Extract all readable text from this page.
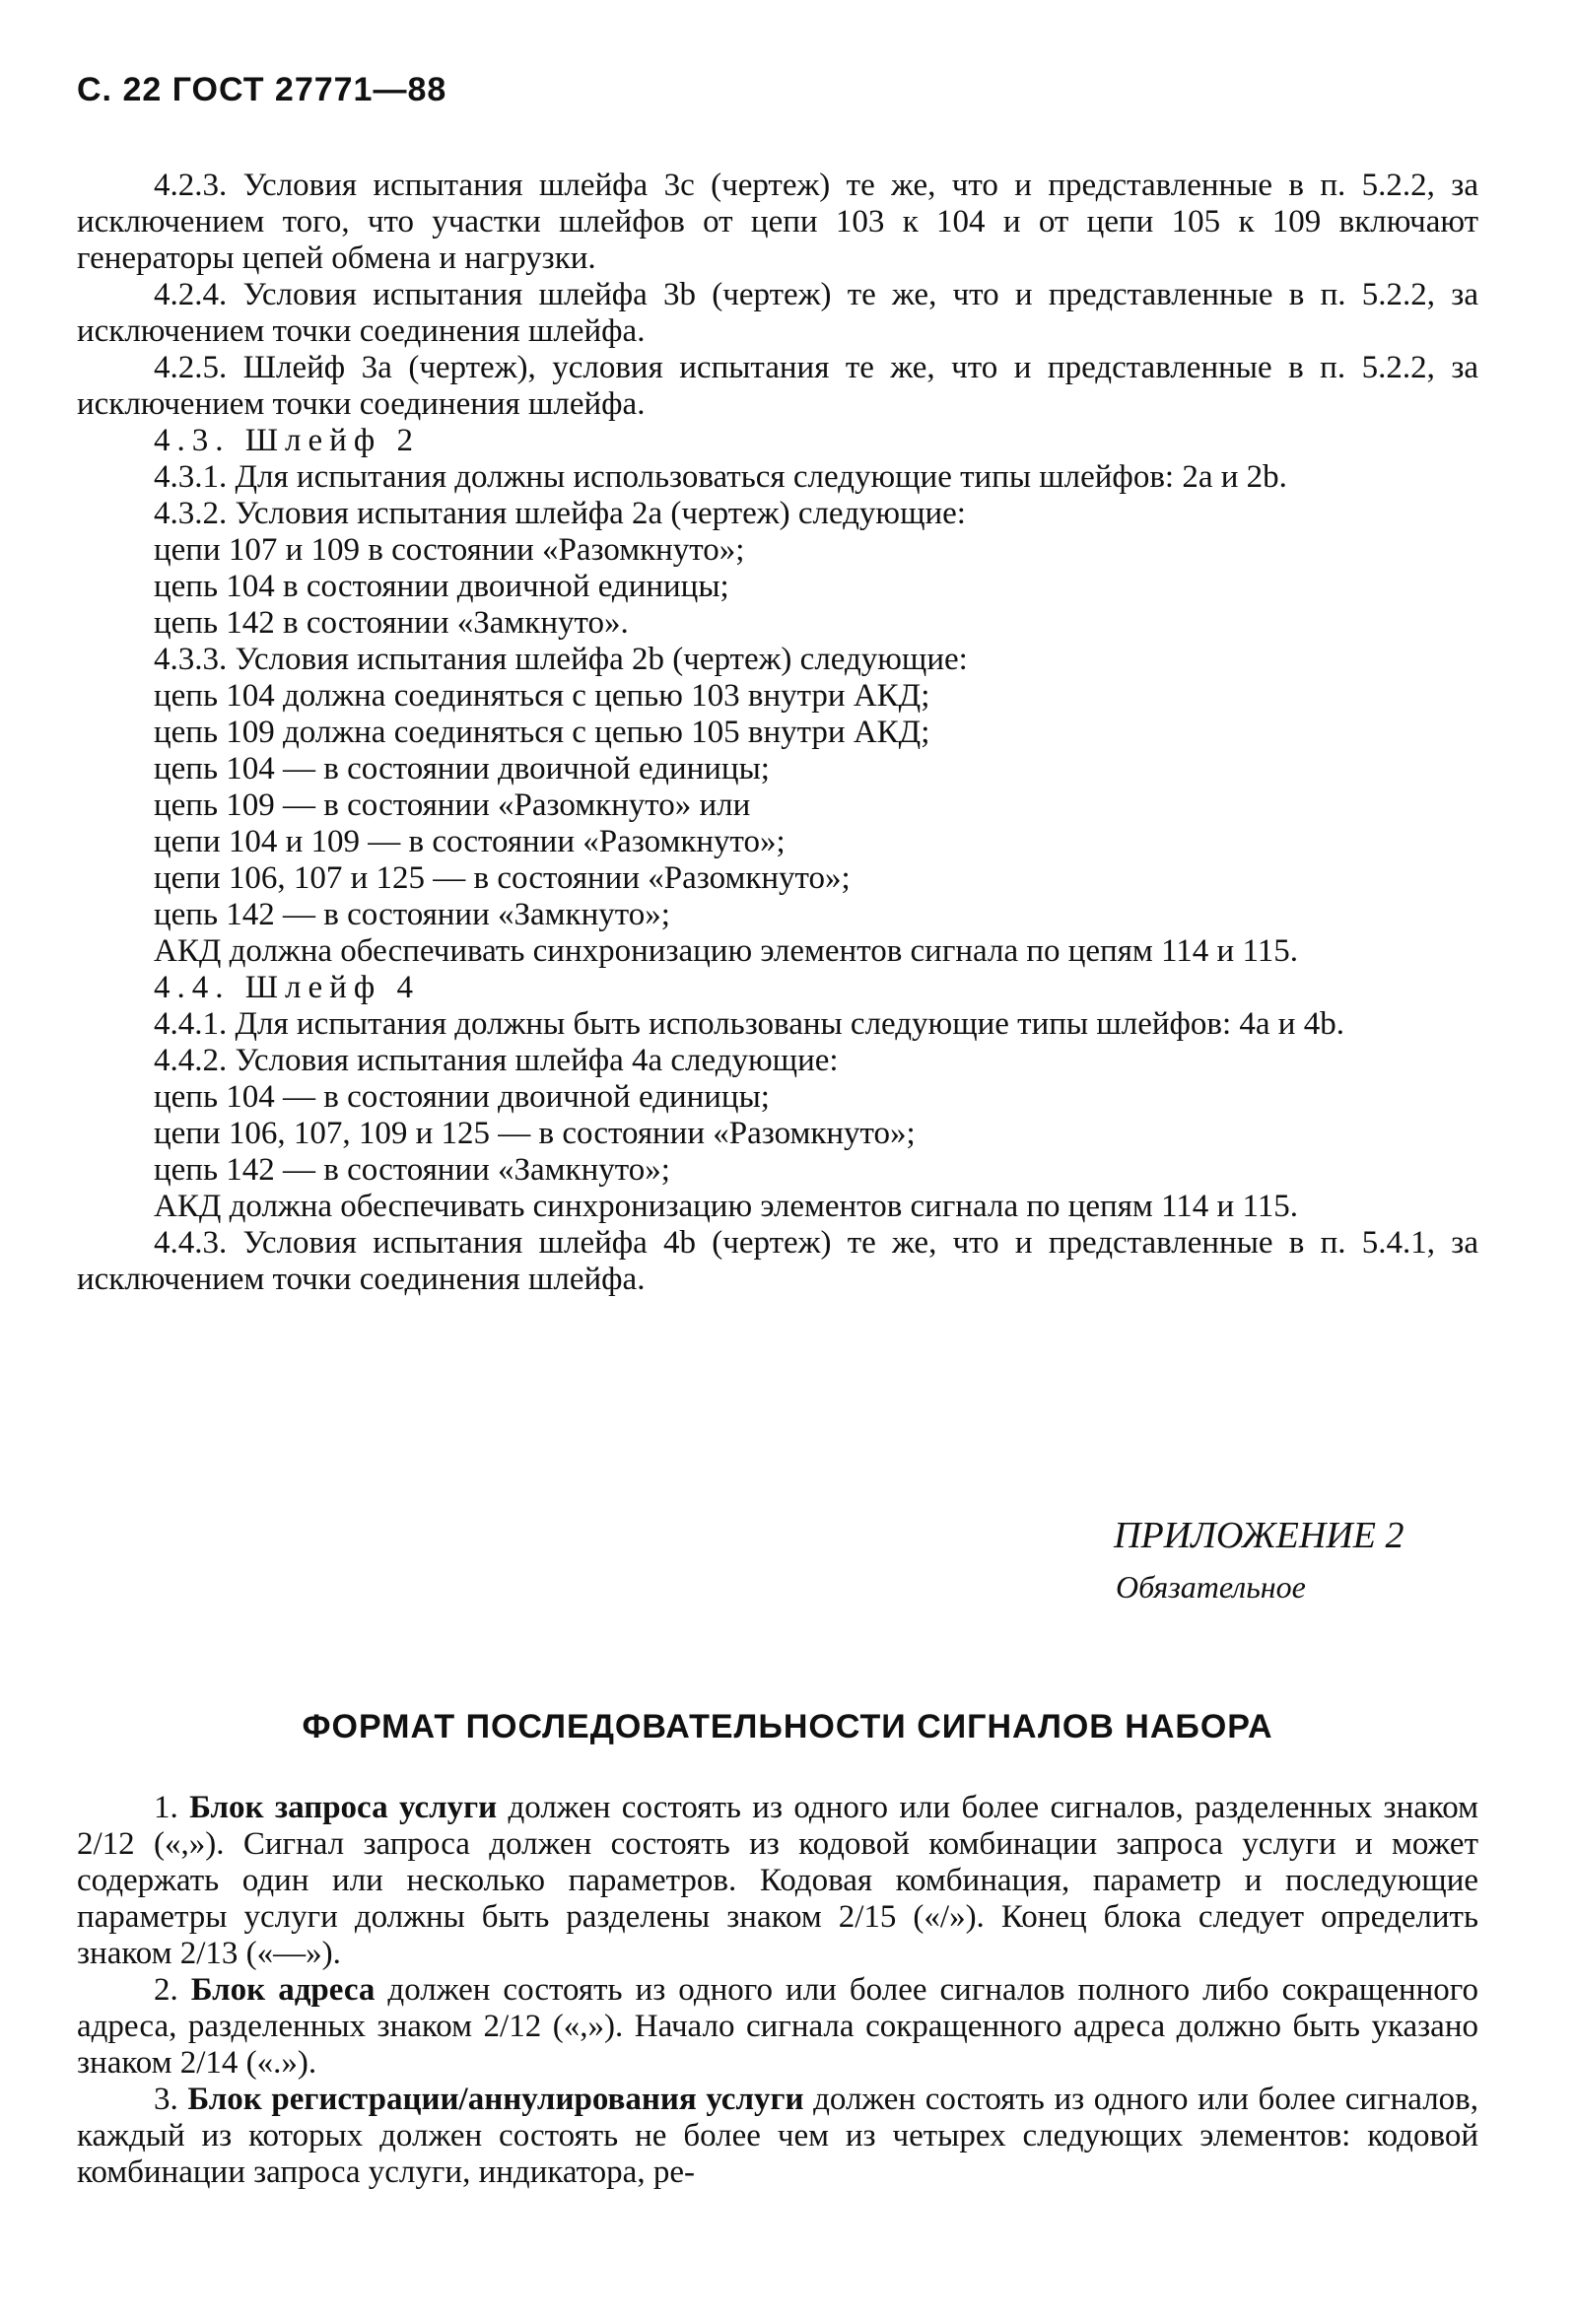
С. 22 ГОСТ 27771—88

4.2.3. Условия испытания шлейфа 3с (чертеж) те же, что и представленные в п. 5.2.2, за исключением того, что участки шлейфов от цепи 103 к 104 и от цепи 105 к 109 включают генераторы цепей обмена и нагрузки.

4.2.4. Условия испытания шлейфа 3b (чертеж) те же, что и представленные в п. 5.2.2, за исключением точки соединения шлейфа.

4.2.5. Шлейф 3а (чертеж), условия испытания те же, что и представленные в п. 5.2.2, за исключением точки соединения шлейфа.

4.3. Шлейф 2

4.3.1. Для испытания должны использоваться следующие типы шлейфов: 2а и 2b.

4.3.2. Условия испытания шлейфа 2а (чертеж) следующие:

цепи 107 и 109 в состоянии «Разомкнуто»;

цепь 104 в состоянии двоичной единицы;

цепь 142 в состоянии «Замкнуто».

4.3.3. Условия испытания шлейфа 2b (чертеж) следующие:

цепь 104 должна соединяться с цепью 103 внутри АКД;

цепь 109 должна соединяться с цепью 105 внутри АКД;

цепь 104 — в состоянии двоичной единицы;

цепь 109 — в состоянии «Разомкнуто» или

цепи 104 и 109 — в состоянии «Разомкнуто»;

цепи 106, 107 и 125 — в состоянии «Разомкнуто»;

цепь 142 — в состоянии «Замкнуто»;

АКД должна обеспечивать синхронизацию элементов сигнала по цепям 114 и 115.

4.4. Шлейф 4

4.4.1. Для испытания должны быть использованы следующие типы шлейфов: 4а и 4b.

4.4.2. Условия испытания шлейфа 4а следующие:

цепь 104 — в состоянии двоичной единицы;

цепи 106, 107, 109 и 125 — в состоянии «Разомкнуто»;

цепь 142 — в состоянии «Замкнуто»;

АКД должна обеспечивать синхронизацию элементов сигнала по цепям 114 и 115.

4.4.3. Условия испытания шлейфа 4b (чертеж) те же, что и представленные в п. 5.4.1, за исключением точки соединения шлейфа.

ПРИЛОЖЕНИЕ 2
Обязательное
ФОРМАТ ПОСЛЕДОВАТЕЛЬНОСТИ СИГНАЛОВ НАБОРА

1. Блок запроса услуги должен состоять из одного или более сигналов, разделенных знаком 2/12 («,»). Сигнал запроса должен состоять из кодовой комбинации запроса услуги и может содержать один или несколько параметров. Кодовая комбинация, параметр и последующие параметры услуги должны быть разделены знаком 2/15 («/»). Конец блока следует определить знаком 2/13 («—»).

2. Блок адреса должен состоять из одного или более сигналов полного либо сокращенного адреса, разделенных знаком 2/12 («,»). Начало сигнала сокращенного адреса должно быть указано знаком 2/14 («.»).

3. Блок регистрации/аннулирования услуги должен состоять из одного или более сигналов, каждый из которых должен состоять не более чем из четырех следующих элементов: кодовой комбинации запроса услуги, индикатора, ре-
